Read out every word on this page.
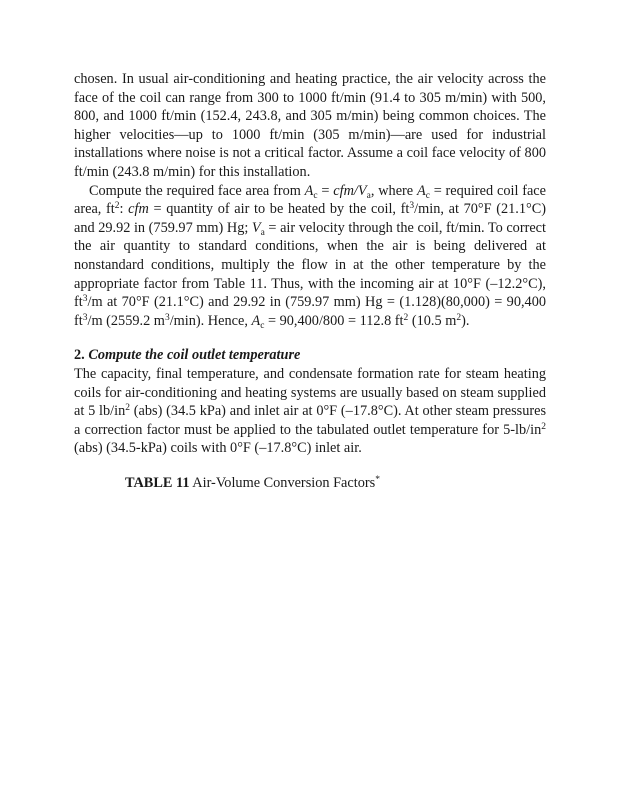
chosen. In usual air-conditioning and heating practice, the air velocity across the face of the coil can range from 300 to 1000 ft/min (91.4 to 305 m/min) with 500, 800, and 1000 ft/min (152.4, 243.8, and 305 m/min) being common choices. The higher velocities—up to 1000 ft/min (305 m/min)—are used for industrial installations where noise is not a critical factor. Assume a coil face velocity of 800 ft/min (243.8 m/min) for this installation.

Compute the required face area from $A_c = cfm/V_a$, where $A_c$ = required coil face area, $ft^2$: cfm = quantity of air to be heated by the coil, $ft^3/\min$, at 70°F (21.1°C) and 29.92 in (759.97 mm) Hg; $V_a$ = air velocity through the coil, ft/min. To correct the air quantity to standard conditions, when the air is being delivered at nonstandard conditions, multiply the flow in at the other temperature by the appropriate factor from Table 11. Thus, with the incoming air at 10°F (–12.2°C), $ft^3/m$ at 70°F (21.1°C) and 29.92 in (759.97 mm) Hg = (1.128)(80,000) = 90,400 $ft^3/m$ (2559.2 $m^3/\min$). Hence, $A_c = 90,400/800 = 112.8$ $ft^2$ (10.5 $m^2$).

2. Compute the coil outlet temperature

The capacity, final temperature, and condensate formation rate for steam heating coils for air-conditioning and heating systems are usually based on steam supplied at 5 $lb/in^2$ (abs) (34.5 kPa) and inlet air at 0°F (–17.8°C). At other steam pressures a correction factor must be applied to the tabulated outlet temperature for $5-lb/in^2$ (abs) (34.5-kPa) coils with 0°F (–17.8°C) inlet air.

TABLE 11 Air-Volume Conversion Factors*
